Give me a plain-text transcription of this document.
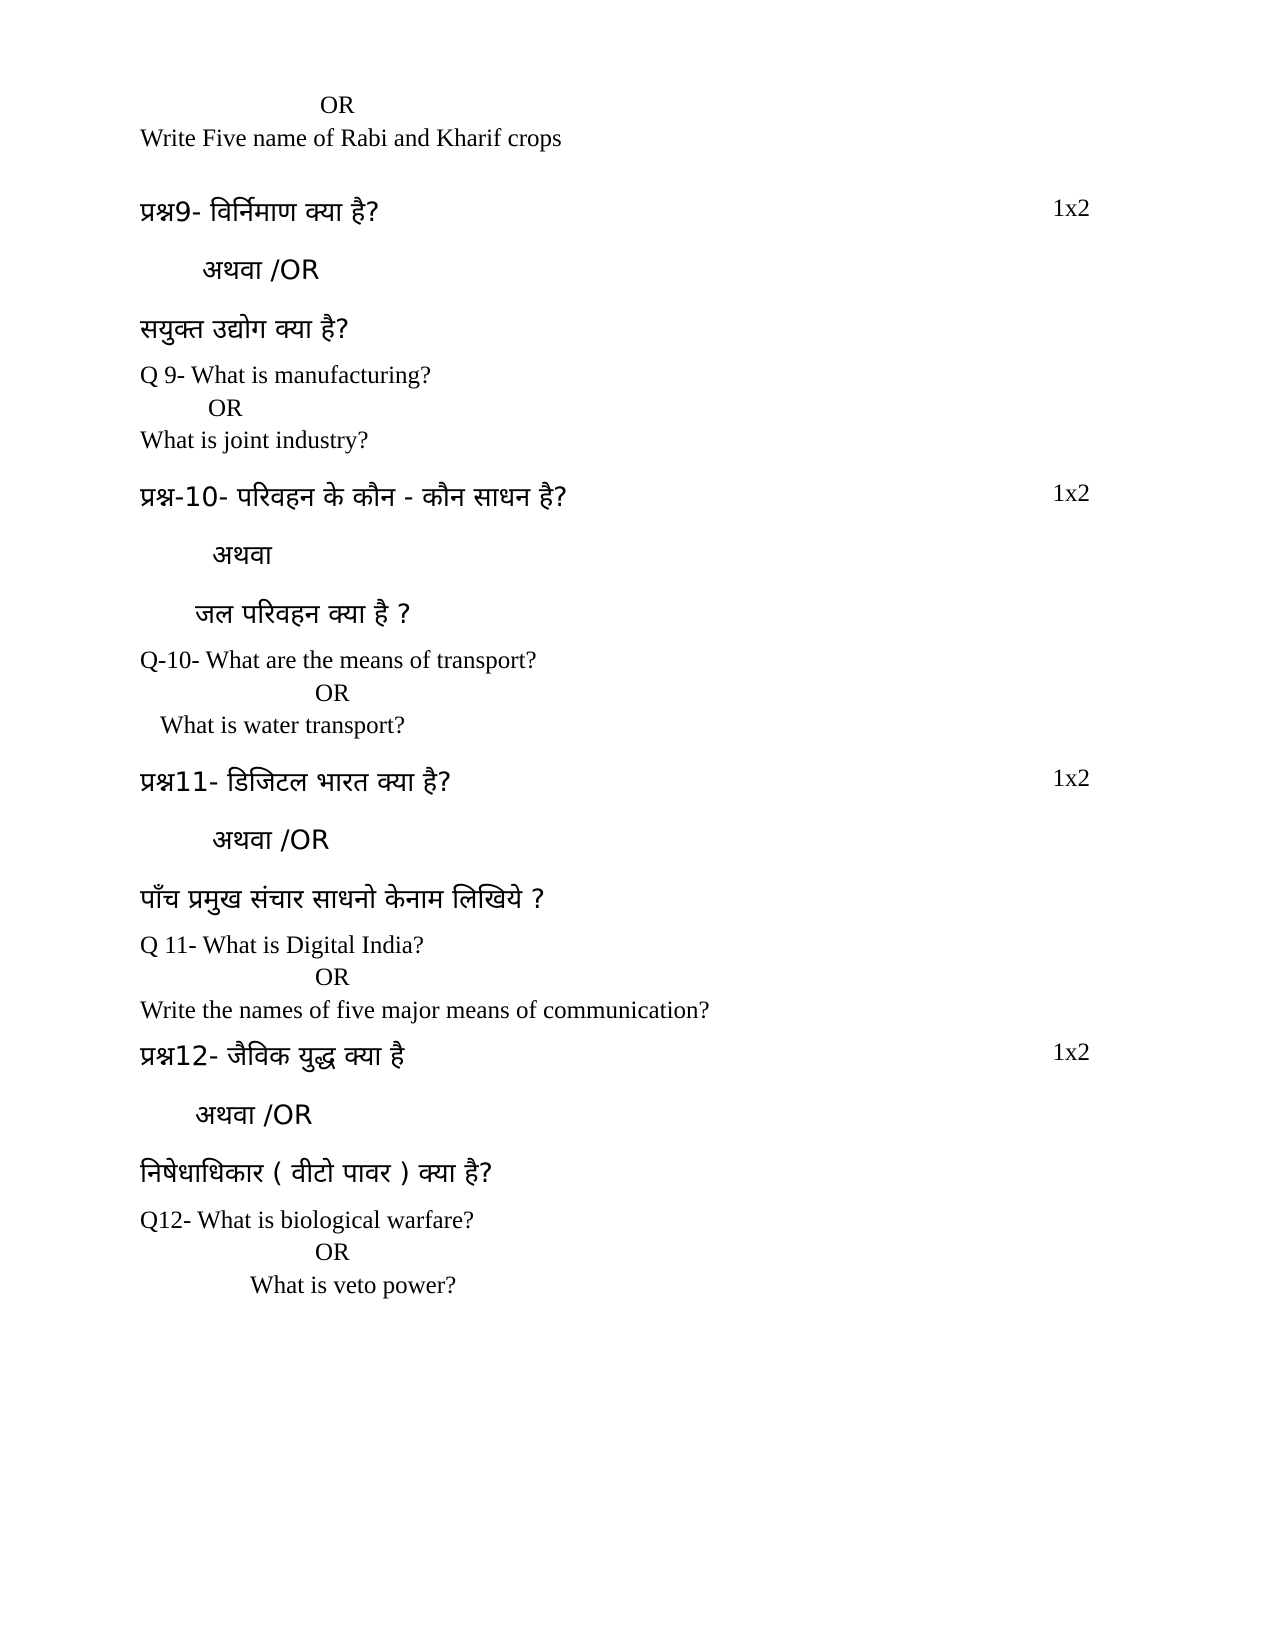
OR
Write Five name of Rabi and Kharif crops
प्रश्न9- विर्निमाण क्या है?	1x2
अथवा /OR
सयुक्त उद्योग क्या है?
Q 9- What is manufacturing?
OR
What is joint industry?
प्रश्न-10- परिवहन के कौन - कौन साधन है?	1x2
अथवा
जल परिवहन क्या है ?
Q-10- What are the means of transport?
OR
What is water transport?
प्रश्न11- डिजिटल भारत क्या है?	1x2
अथवा /OR
पाँच प्रमुख संचार साधनो केनाम लिखिये ?
Q 11- What is Digital India?
OR
Write the names of five major means of communication?
प्रश्न12- जैविक युद्ध क्या है	1x2
अथवा /OR
निषेधाधिकार ( वीटो पावर ) क्या है?
Q12- What is biological warfare?
OR
What is veto power?
